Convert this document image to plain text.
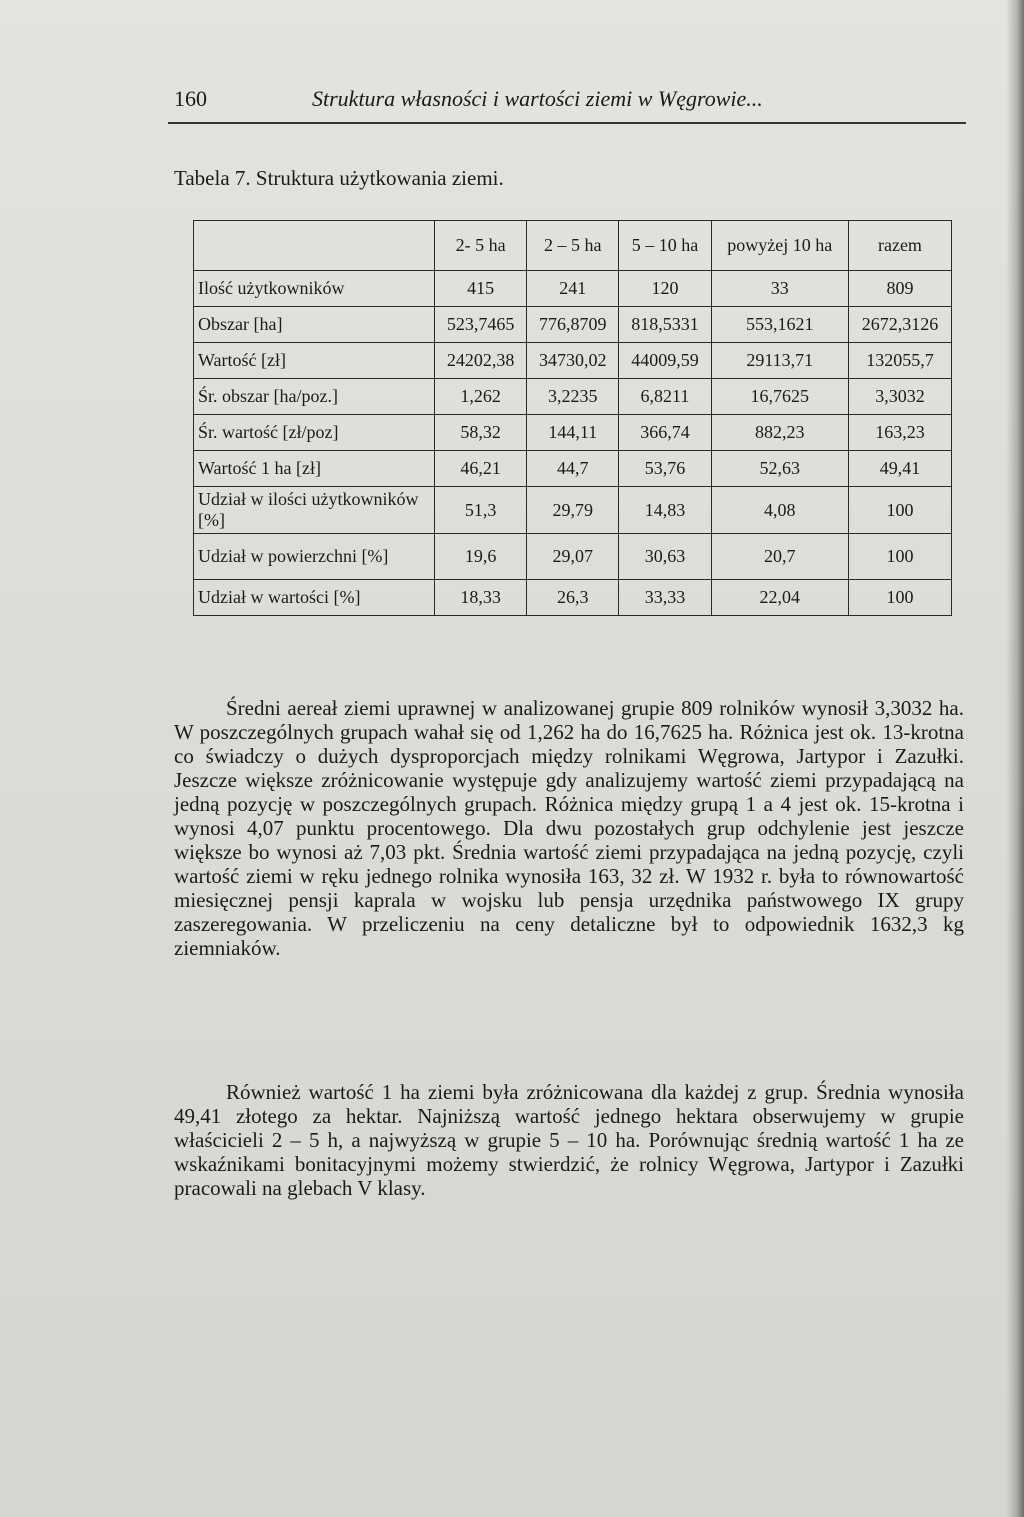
160	Struktura własności i wartości ziemi w Węgrowie...
Tabela 7. Struktura użytkowania ziemi.
	2- 5 ha	2 – 5 ha	5 – 10 ha	powyżej 10 ha	razem
Ilość użytkowników	415	241	120	33	809
Obszar [ha]	523,7465	776,8709	818,5331	553,1621	2672,3126
Wartość [zł]	24202,38	34730,02	44009,59	29113,71	132055,7
Śr. obszar [ha/poz.]	1,262	3,2235	6,8211	16,7625	3,3032
Śr. wartość [zł/poz]	58,32	144,11	366,74	882,23	163,23
Wartość 1 ha [zł]	46,21	44,7	53,76	52,63	49,41
Udział w ilości użytkowników [%]	51,3	29,79	14,83	4,08	100
Udział w powierzchni [%]	19,6	29,07	30,63	20,7	100
Udział w wartości [%]	18,33	26,3	33,33	22,04	100

Średni aereał ziemi uprawnej w analizowanej grupie 809 rolników wynosił 3,3032 ha. W poszczególnych grupach wahał się od 1,262 ha do 16,7625 ha. Różnica jest ok. 13-krotna co świadczy o dużych dysproporcjach między rolnikami Węgrowa, Jartypor i Zazułki. Jeszcze większe zróżnicowanie występuje gdy analizujemy wartość ziemi przypadającą na jedną pozycję w poszczególnych grupach. Różnica między grupą 1 a 4 jest ok. 15-krotna i wynosi 4,07 punktu procentowego. Dla dwu pozostałych grup odchylenie jest jeszcze większe bo wynosi aż 7,03 pkt. Średnia wartość ziemi przypadająca na jedną pozycję, czyli wartość ziemi w ręku jednego rolnika wynosiła 163, 32 zł. W 1932 r. była to równowartość miesięcznej pensji kaprala w wojsku lub pensja urzędnika państwowego IX grupy zaszeregowania. W przeliczeniu na ceny detaliczne był to odpowiednik 1632,3 kg ziemniaków.

Również wartość 1 ha ziemi była zróżnicowana dla każdej z grup. Średnia wynosiła 49,41 złotego za hektar. Najniższą wartość jednego hektara obserwujemy w grupie właścicieli 2 – 5 h, a najwyższą w grupie 5 – 10 ha. Porównując średnią wartość 1 ha ze wskaźnikami bonitacyjnymi możemy stwierdzić, że rolnicy Węgrowa, Jartypor i Zazułki pracowali na glebach V klasy.
